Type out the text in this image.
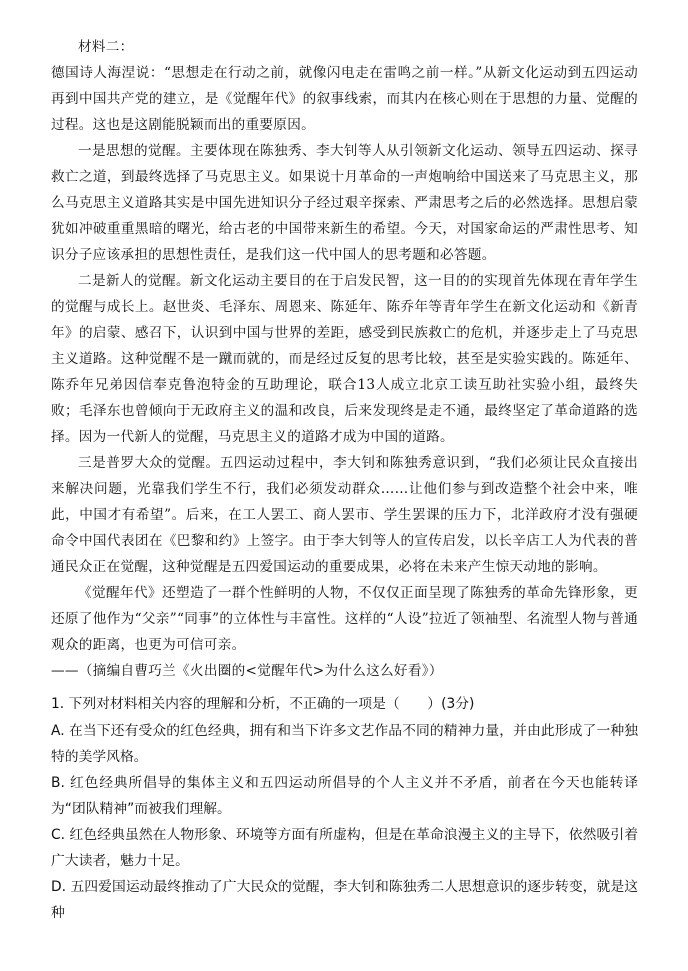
材料二：

德国诗人海涅说：“思想走在行动之前，就像闪电走在雷鸣之前一样。”从新文化运动到五四运动再到中国共产党的建立，是《觉醒年代》的叙事线索，而其内在核心则在于思想的力量、觉醒的过程。这也是这剧能脱颖而出的重要原因。

一是思想的觉醒。主要体现在陈独秀、李大钊等人从引领新文化运动、领导五四运动、探寻救亡之道，到最终选择了马克思主义。如果说十月革命的一声炮响给中国送来了马克思主义，那么马克思主义道路其实是中国先进知识分子经过艰辛探索、严肃思考之后的必然选择。思想启蒙犹如冲破重重黑暗的曙光，给古老的中国带来新生的希望。今天，对国家命运的严肃性思考、知识分子应该承担的思想性责任，是我们这一代中国人的思考题和必答题。

二是新人的觉醒。新文化运动主要目的在于启发民智，这一目的的实现首先体现在青年学生的觉醒与成长上。赵世炎、毛泽东、周恩来、陈延年、陈乔年等青年学生在新文化运动和《新青年》的启蒙、感召下，认识到中国与世界的差距，感受到民族救亡的危机，并逐步走上了马克思主义道路。这种觉醒不是一蹴而就的，而是经过反复的思考比较，甚至是实验实践的。陈延年、陈乔年兄弟因信奉克鲁泡特金的互助理论，联合13人成立北京工读互助社实验小组，最终失败；毛泽东也曾倾向于无政府主义的温和改良，后来发现终是走不通，最终坚定了革命道路的选择。因为一代新人的觉醒，马克思主义的道路才成为中国的道路。

三是普罗大众的觉醒。五四运动过程中，李大钊和陈独秀意识到，“我们必须让民众直接出来解决问题，光靠我们学生不行，我们必须发动群众……让他们参与到改造整个社会中来，唯此，中国才有希望”。后来，在工人罢工、商人罢市、学生罢课的压力下，北洋政府才没有强硬命令中国代表团在《巴黎和约》上签字。由于李大钊等人的宣传启发，以长辛店工人为代表的普通民众正在觉醒，这种觉醒是五四爱国运动的重要成果，必将在未来产生惊天动地的影响。

《觉醒年代》还塑造了一群个性鲜明的人物，不仅仅正面呈现了陈独秀的革命先锋形象，更还原了他作为“父亲”“同事”的立体性与丰富性。这样的“人设”拉近了领袖型、名流型人物与普通观众的距离，也更为可信可亲。

——（摘编自曹巧兰《火出圈的<觉醒年代>为什么这么好看》）

1. 下列对材料相关内容的理解和分析，不正确的一项是（　　）(3分)

A. 在当下还有受众的红色经典，拥有和当下许多文艺作品不同的精神力量，并由此形成了一种独特的美学风格。

B. 红色经典所倡导的集体主义和五四运动所倡导的个人主义并不矛盾，前者在今天也能转译为“团队精神”而被我们理解。

C. 红色经典虽然在人物形象、环境等方面有所虚构，但是在革命浪漫主义的主导下，依然吸引着广大读者，魅力十足。

D. 五四爱国运动最终推动了广大民众的觉醒，李大钊和陈独秀二人思想意识的逐步转变，就是这种
